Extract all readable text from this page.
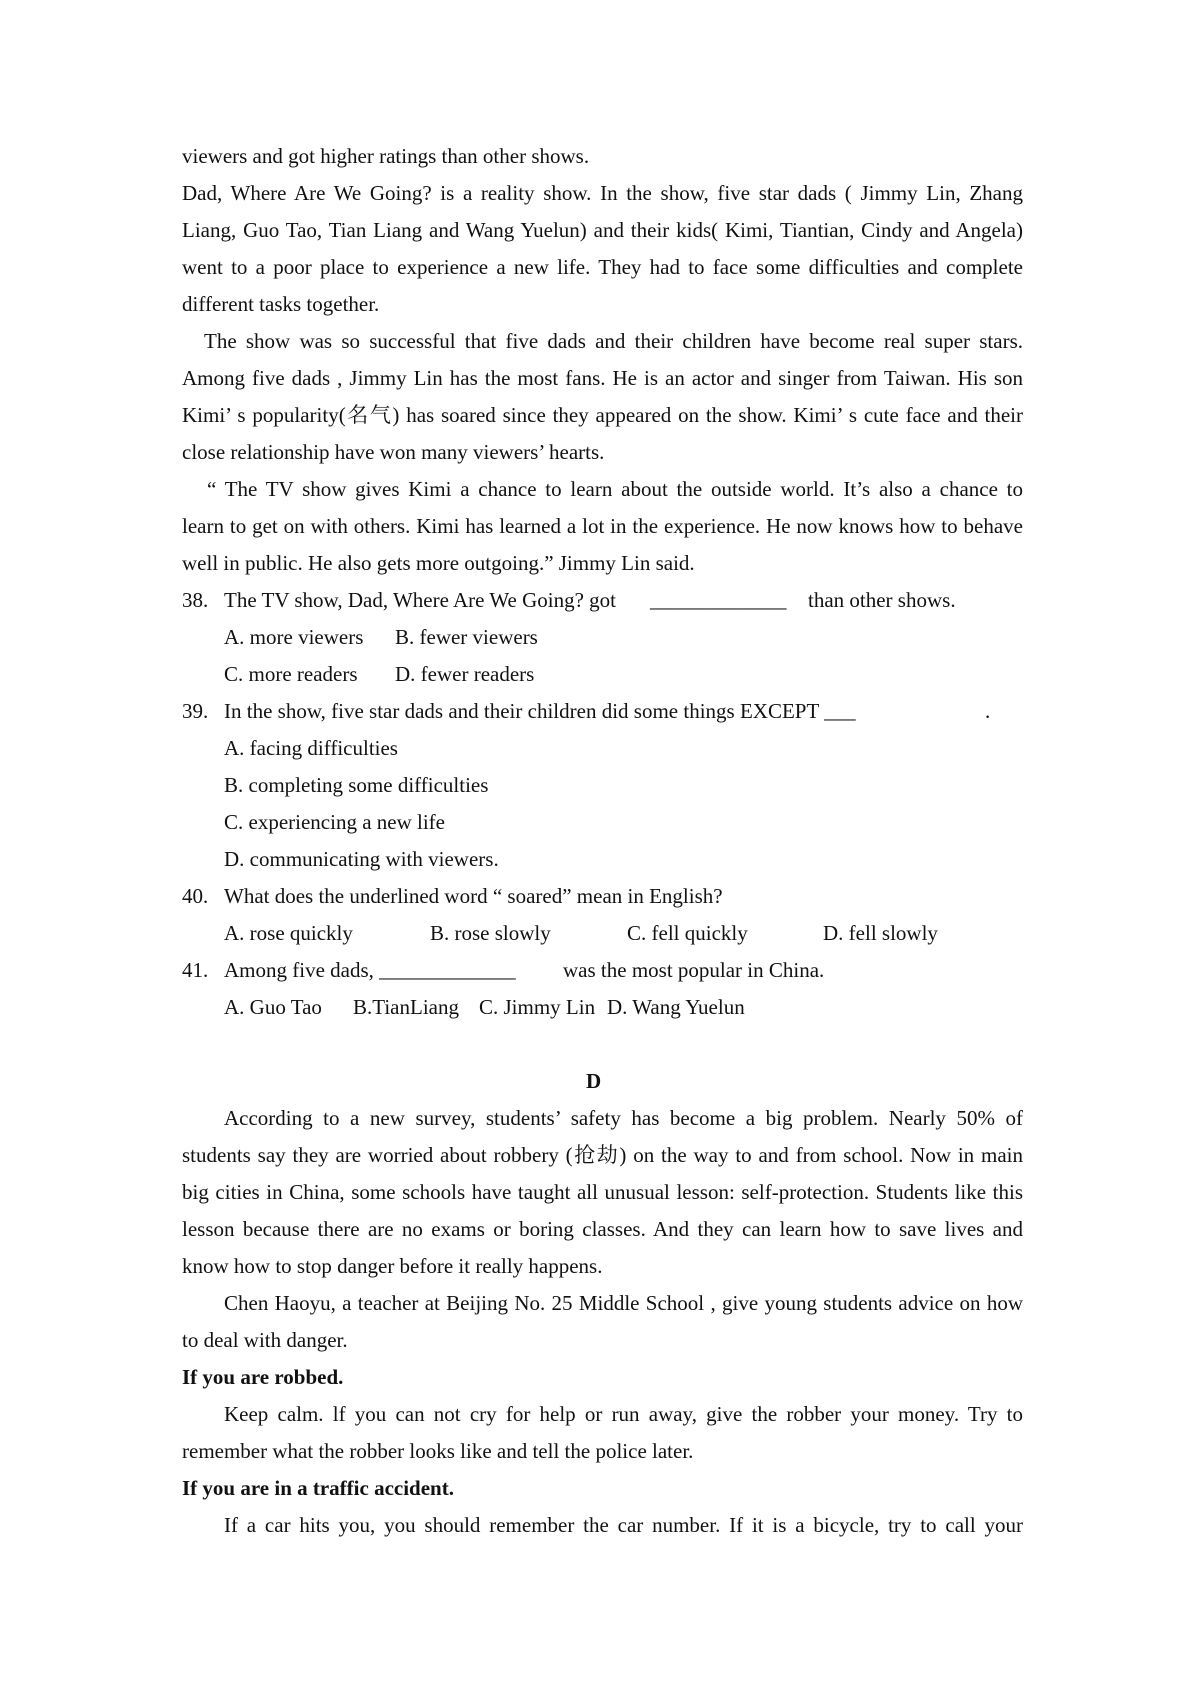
viewers and got higher ratings than other shows.
Dad, Where Are We Going? is a reality show. In the show, five star dads ( Jimmy Lin, Zhang
Liang, Guo Tao, Tian Liang and Wang Yuelun) and their kids( Kimi, Tiantian, Cindy and Angela)
went to a poor place to experience a new life. They had to face some difficulties and complete
different tasks together.
The show was so successful that five dads and their children have become real super stars.
Among five dads , Jimmy Lin has the most fans. He is an actor and singer from Taiwan. His son
Kimi’ s popularity(名气) has soared since they appeared on the show. Kimi’ s cute face and their
close relationship have won many viewers’ hearts.
“ The TV show gives Kimi a chance to learn about the outside world. It’s also a chance to
learn to get on with others. Kimi has learned a lot in the experience. He now knows how to behave
well in public. He also gets more outgoing.” Jimmy Lin said.
38. The TV show, Dad, Where Are We Going? got _____________ than other shows.
A. more viewers B. fewer viewers
C. more readers D. fewer readers
39. In the show, five star dads and their children did some things EXCEPT ___	.
A. facing difficulties
B. completing some difficulties
C. experiencing a new life
D. communicating with viewers.
40. What does the underlined word “ soared” mean in English?
A. rose quickly	B. rose slowly	C. fell quickly	D. fell slowly
41. Among five dads, _____________ was the most popular in China.
A. Guo Tao B.TianLiang C. Jimmy Lin D. Wang Yuelun
D
According to a new survey, students’ safety has become a big problem. Nearly 50% of
students say they are worried about robbery (抢劫) on the way to and from school. Now in main
big cities in China, some schools have taught all unusual lesson: self-protection. Students like this
lesson because there are no exams or boring classes. And they can learn how to save lives and
know how to stop danger before it really happens.
Chen Haoyu, a teacher at Beijing No. 25 Middle School , give young students advice on how
to deal with danger.
If you are robbed.
Keep calm. lf you can not cry for help or run away, give the robber your money. Try to
remember what the robber looks like and tell the police later.
If you are in a traffic accident.
If a car hits you, you should remember the car number. If it is a bicycle, try to call your
